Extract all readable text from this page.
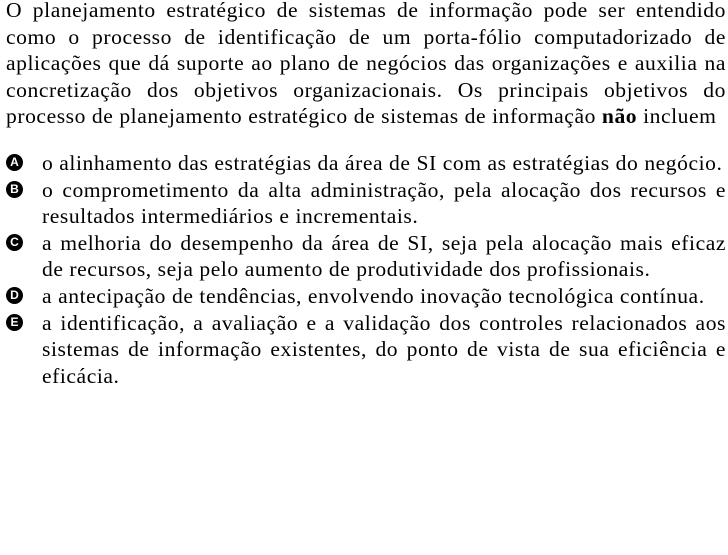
O planejamento estratégico de sistemas de informação pode ser entendido como o processo de identificação de um porta-fólio computadorizado de aplicações que dá suporte ao plano de negócios das organizações e auxilia na concretização dos objetivos organizacionais. Os principais objetivos do processo de planejamento estratégico de sistemas de informação não incluem

A o alinhamento das estratégias da área de SI com as estratégias do negócio.
B o comprometimento da alta administração, pela alocação dos recursos e resultados intermediários e incrementais.
C a melhoria do desempenho da área de SI, seja pela alocação mais eficaz de recursos, seja pelo aumento de produtividade dos profissionais.
D a antecipação de tendências, envolvendo inovação tecnológica contínua.
E a identificação, a avaliação e a validação dos controles relacionados aos sistemas de informação existentes, do ponto de vista de sua eficiência e eficácia.
